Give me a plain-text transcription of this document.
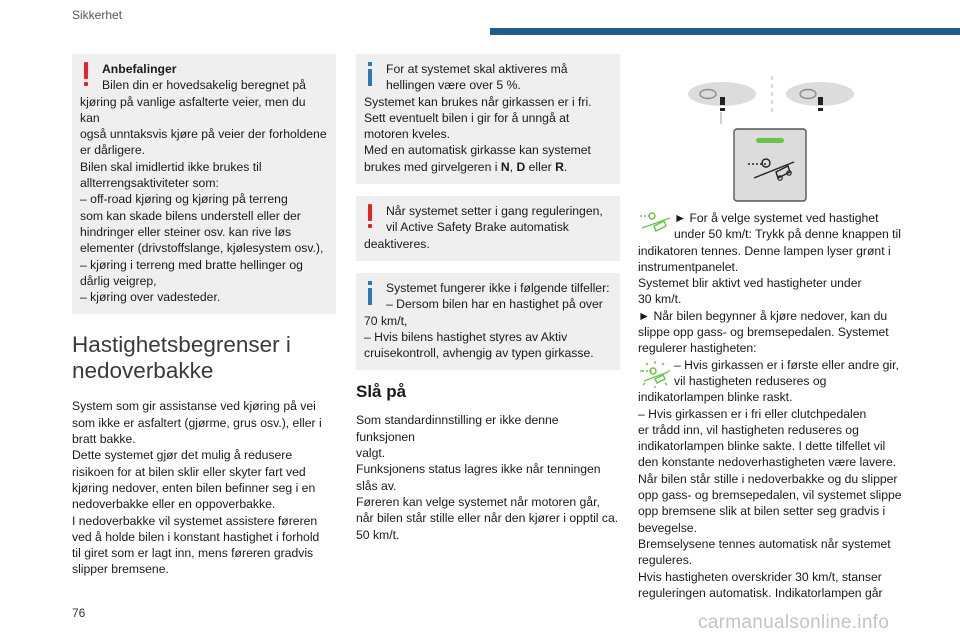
Sikkerhet
Anbefalinger
Bilen din er hovedsakelig beregnet på
kjøring på vanlige asfalterte veier, men du kan
også unntaksvis kjøre på veier der forholdene
er dårligere.
Bilen skal imidlertid ikke brukes til
allterrengsaktiviteter som:
– off-road kjøring og kjøring på terreng
som kan skade bilens understell eller der
hindringer eller steiner osv. kan rive løs
elementer (drivstoffslange, kjølesystem osv.),
– kjøring i terreng med bratte hellinger og
dårlig veigrep,
– kjøring over vadesteder.
Hastighetsbegrenser i nedoverbakke
System som gir assistanse ved kjøring på vei
som ikke er asfaltert (gjørme, grus osv.), eller i
bratt bakke.
Dette systemet gjør det mulig å redusere
risikoen for at bilen sklir eller skyter fart ved
kjøring nedover, enten bilen befinner seg i en
nedoverbakke eller en oppoverbakke.
I nedoverbakke vil systemet assistere føreren
ved å holde bilen i konstant hastighet i forhold
til giret som er lagt inn, mens føreren gradvis
slipper bremsene.
For at systemet skal aktiveres må
hellingen være over 5 %.
Systemet kan brukes når girkassen er i fri.
Sett eventuelt bilen i gir for å unngå at
motoren kveles.
Med en automatisk girkasse kan systemet
brukes med girvelgeren i N, D eller R.
Når systemet setter i gang reguleringen,
vil Active Safety Brake automatisk
deaktiveres.
Systemet fungerer ikke i følgende tilfeller:
– Dersom bilen har en hastighet på over
70 km/t,
– Hvis bilens hastighet styres av Aktiv
cruisekontroll, avhengig av typen girkasse.
Slå på
Som standardinnstilling er ikke denne funksjonen
valgt.
Funksjonens status lagres ikke når tenningen
slås av.
Føreren kan velge systemet når motoren går,
når bilen står stille eller når den kjører i opptil ca.
50 km/t.
► For å velge systemet ved hastighet
under 50 km/t: Trykk på denne knappen til
indikatoren tennes. Denne lampen lyser grønt i
instrumentpanelet.
Systemet blir aktivt ved hastigheter under
30 km/t.
► Når bilen begynner å kjøre nedover, kan du
slippe opp gass- og bremsepedalen. Systemet
regulerer hastigheten:
– Hvis girkassen er i første eller andre gir,
vil hastigheten reduseres og
indikatorlampen blinke raskt.
– Hvis girkassen er i fri eller clutchpedalen
er trådd inn, vil hastigheten reduseres og
indikatorlampen blinke sakte. I dette tilfellet vil
den konstante nedoverhastigheten være lavere.
Når bilen står stille i nedoverbakke og du slipper
opp gass- og bremsepedalen, vil systemet slippe
opp bremsene slik at bilen setter seg gradvis i
bevegelse.
Bremselysene tennes automatisk når systemet
reguleres.
Hvis hastigheten overskrider 30 km/t, stanser
reguleringen automatisk. Indikatorlampen går
76	carmanualsonline.info
